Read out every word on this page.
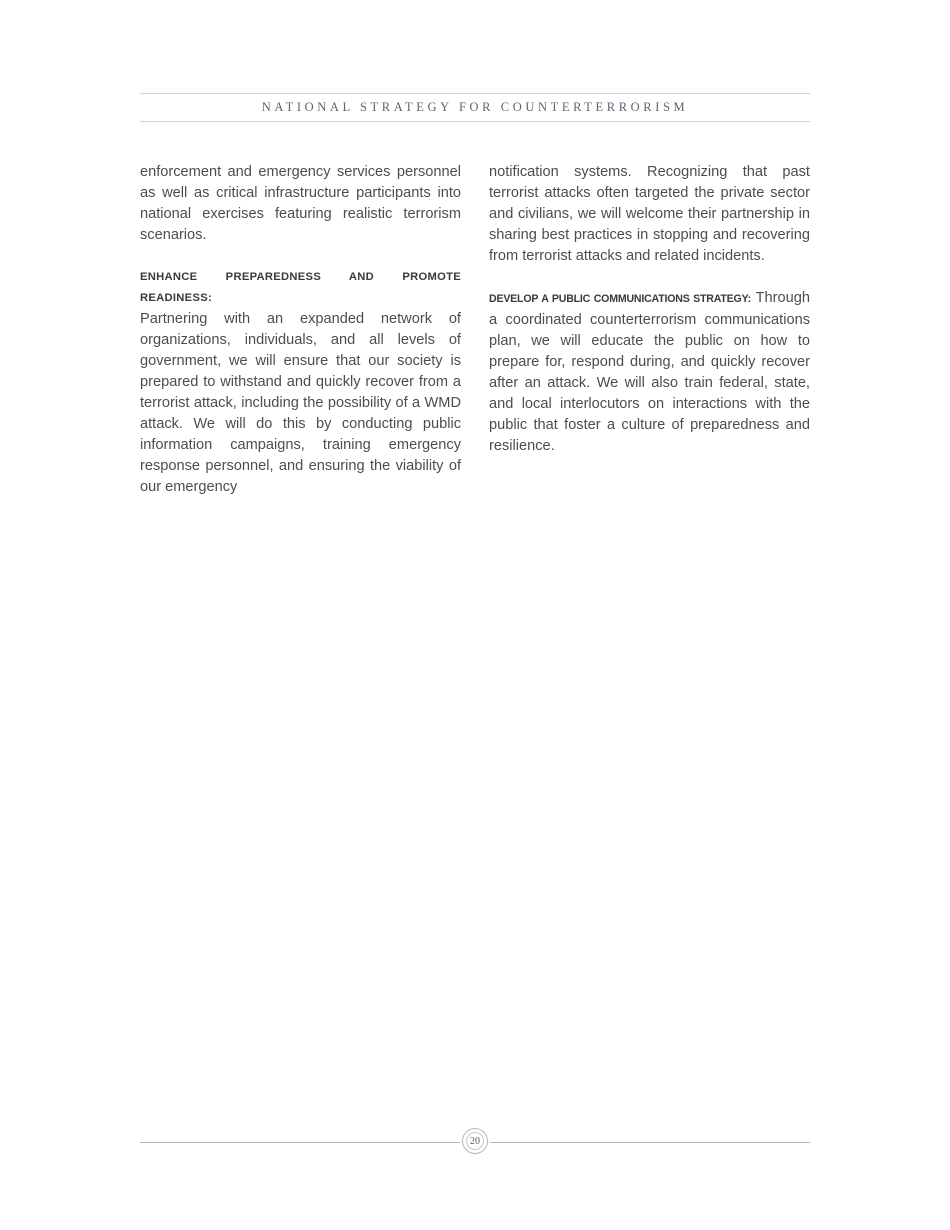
NATIONAL STRATEGY FOR COUNTERTERRORISM

enforcement and emergency services personnel as well as critical infrastructure participants into national exercises featuring realistic terrorism scenarios.

ENHANCE PREPAREDNESS AND PROMOTE READINESS:
Partnering with an expanded network of organizations, individuals, and all levels of government, we will ensure that our society is prepared to withstand and quickly recover from a terrorist attack, including the possibility of a WMD attack. We will do this by conducting public information campaigns, training emergency response personnel, and ensuring the viability of our emergency

notification systems. Recognizing that past terrorist attacks often targeted the private sector and civilians, we will welcome their partnership in sharing best practices in stopping and recovering from terrorist attacks and related incidents.

DEVELOP A PUBLIC COMMUNICATIONS STRATEGY: Through a coordinated counterterrorism communications plan, we will educate the public on how to prepare for, respond during, and quickly recover after an attack. We will also train federal, state, and local interlocutors on interactions with the public that foster a culture of preparedness and resilience.

20
